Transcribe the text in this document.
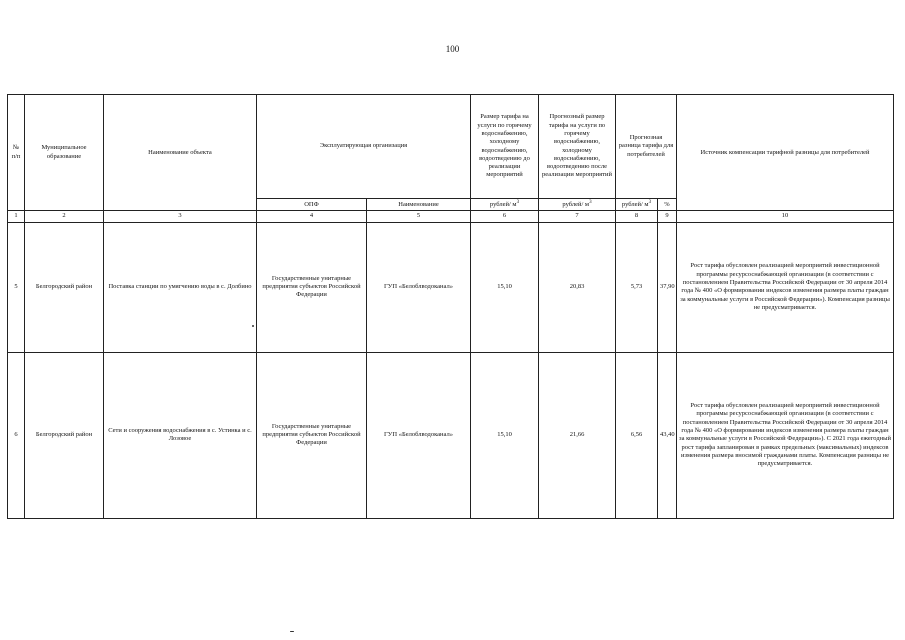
100
№ п/п	Муниципальное образование	Наименование объекта	Эксплуатирующая организация		Размер тарифа на услуги по горячему водоснабжению, холодному водоснабжению, водоотведению до реализации мероприятий	Прогнозный размер тарифа на услуги по горячему водоснабжению, холодному водоснабжению, водоотведению после реализации мероприятий	Прогнозная разница тарифа для потребителей		Источник компенсации тарифной разницы для потребителей
			ОПФ	Наименование	рублей/ $м^3$	рублей/ $м^3$	рублей/ $м^3$	%	
1	2	3	4	5	6	7	8	9	10
5	Белгородский район	Поставка станции по умягчению воды в с. Долбино	Государственные унитарные предприятия субъектов Российской Федерации	ГУП «Белоблводоканал»	15,10	20,83	5,73	37,90	Рост тарифа обусловлен реализацией мероприятий инвестиционной программы ресурсоснабжающей организации (в соответствии с постановлением Правительства Российской Федерации от 30 апреля 2014 года № 400 «О формировании индексов изменения размера платы граждан за коммунальные услуги в Российской Федерации»). Компенсация разницы не предусматривается.
6	Белгородский район	Сети и сооружения водоснабжения в с. Устинка и с. Лозовое	Государственные унитарные предприятия субъектов Российской Федерации	ГУП «Белоблводоканал»	15,10	21,66	6,56	43,40	Рост тарифа обусловлен реализацией мероприятий инвестиционной программы ресурсоснабжающей организации (в соответствии с постановлением Правительства Российской Федерации от 30 апреля 2014 года № 400 «О формировании индексов изменения размера платы граждан за коммунальные услуги в Российской Федерации»). С 2021 года ежегодный рост тарифа запланирован в рамках предельных (максимальных) индексов изменения размера вносимой гражданами платы. Компенсация разницы не предусматривается.
